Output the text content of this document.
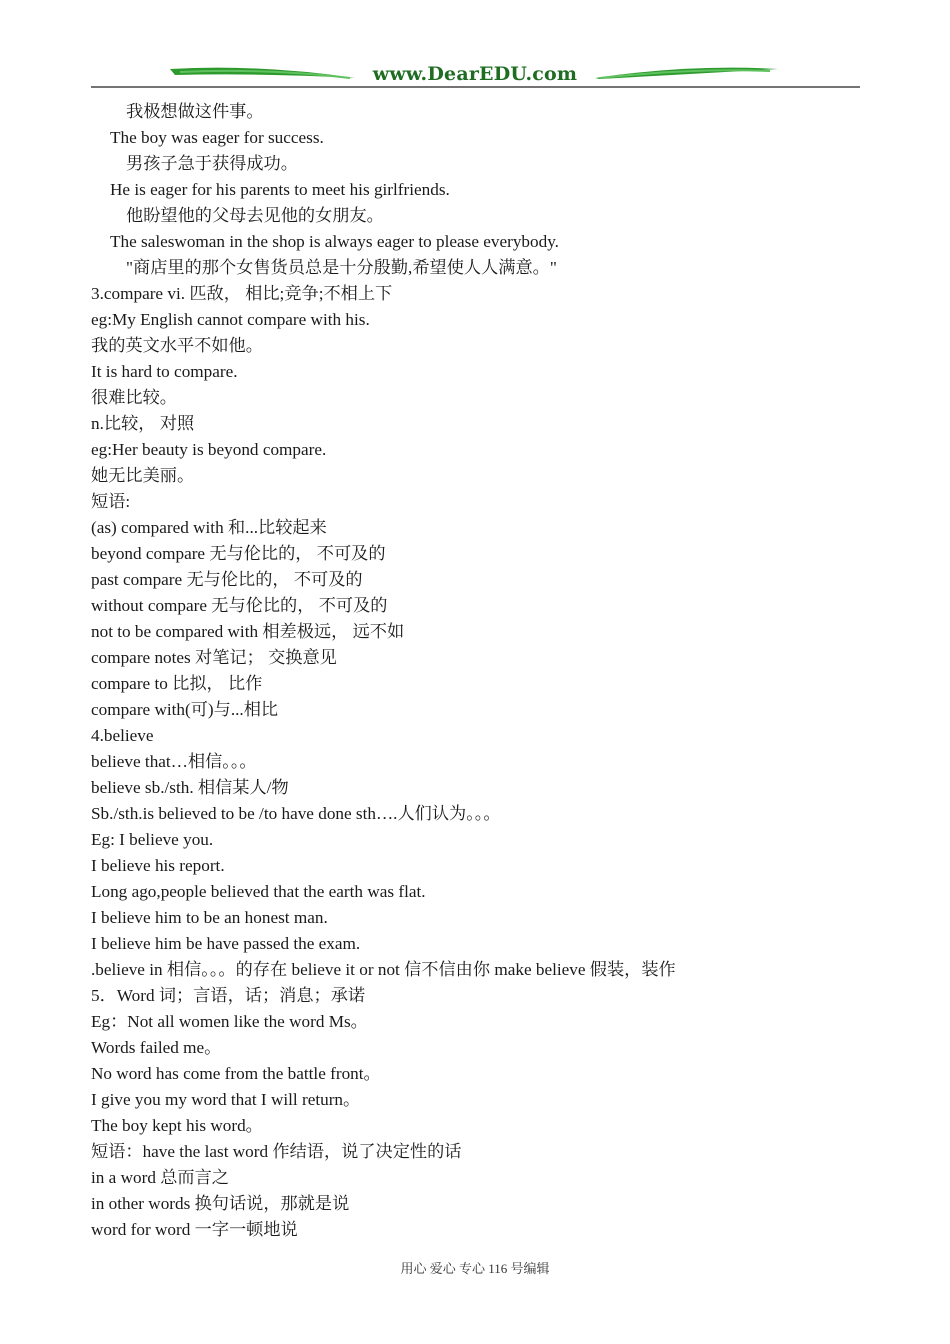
www.DearEDU.com
我极想做这件事。
The boy was eager for success.
男孩子急于获得成功。
He is eager for his parents to meet his girlfriends.
他盼望他的父母去见他的女朋友。
The saleswoman in the shop is always eager to please everybody.
"商店里的那个女售货员总是十分殷勤,希望使人人满意。"
3.compare vi. 匹敌， 相比;竞争;不相上下
eg:My English cannot compare with his.
我的英文水平不如他。
It is hard to compare.
很难比较。
n.比较， 对照
eg:Her beauty is beyond compare.
她无比美丽。
短语:
(as) compared with 和...比较起来
beyond compare 无与伦比的， 不可及的
past compare 无与伦比的， 不可及的
without compare 无与伦比的， 不可及的
not to be compared with 相差极远， 远不如
compare notes 对笔记； 交换意见
compare to 比拟， 比作
compare with(可)与...相比
4.believe
believe that…相信。。。
believe sb./sth. 相信某人/物
Sb./sth.is believed to be /to have done sth….人们认为。。。
Eg: I believe you.
I believe his report.
Long ago,people believed that the earth was flat.
I believe him to be an honest man.
I believe him be have passed the exam.
.believe in 相信。。。的存在 believe it or not 信不信由你 make believe 假装，装作
5．Word 词；言语，话；消息；承诺
Eg：Not all women like the word Ms。
Words failed me。
No word has come from the battle front。
I give you my word that I will return。
The boy kept his word。
短语：have the last word 作结语，说了决定性的话
in a word 总而言之
in other words 换句话说，那就是说
word for word 一字一顿地说
用心 爱心 专心 116 号编辑
